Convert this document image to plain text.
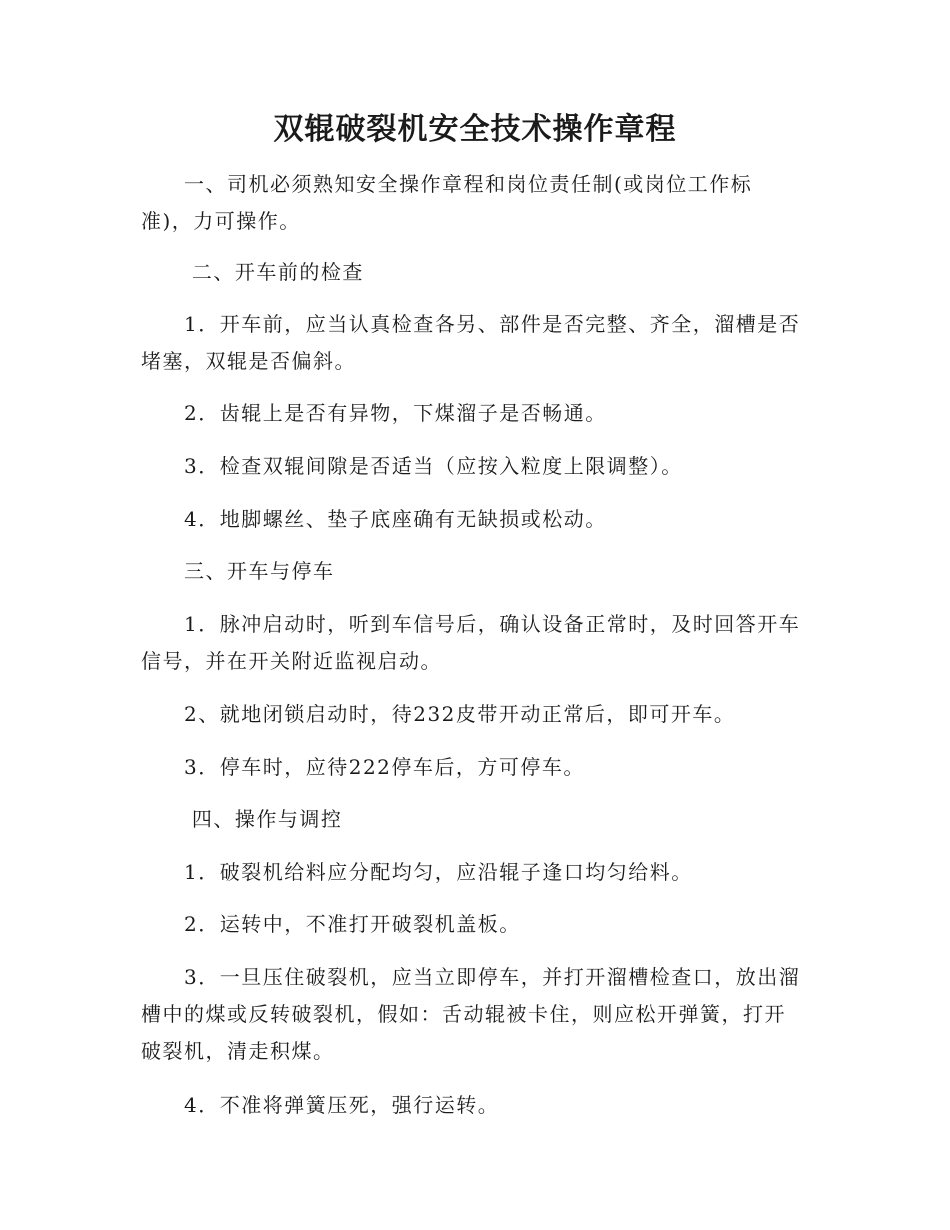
双辊破裂机安全技术操作章程

　　一、司机必须熟知安全操作章程和岗位责任制(或岗位工作标
准)，力可操作。

　　 二、开车前的检查

　　1．开车前，应当认真检查各另、部件是否完整、齐全，溜槽是否
堵塞，双辊是否偏斜。

　　2．齿辊上是否有异物，下煤溜子是否畅通。

　　3．检查双辊间隙是否适当（应按入粒度上限调整）。

　　4．地脚螺丝、垫子底座确有无缺损或松动。

　　三、开车与停车

　　1．脉冲启动时，听到车信号后，确认设备正常时，及时回答开车
信号，并在开关附近监视启动。

　　2、就地闭锁启动时，待232皮带开动正常后，即可开车。

　　3．停车时，应待222停车后，方可停车。

　　 四、操作与调控

　　1．破裂机给料应分配均匀，应沿辊子逢口均匀给料。

　　2．运转中，不准打开破裂机盖板。

　　3．一旦压住破裂机，应当立即停车，并打开溜槽检查口，放出溜
槽中的煤或反转破裂机，假如：舌动辊被卡住，则应松开弹簧，打开
破裂机，清走积煤。

　　4．不准将弹簧压死，强行运转。
